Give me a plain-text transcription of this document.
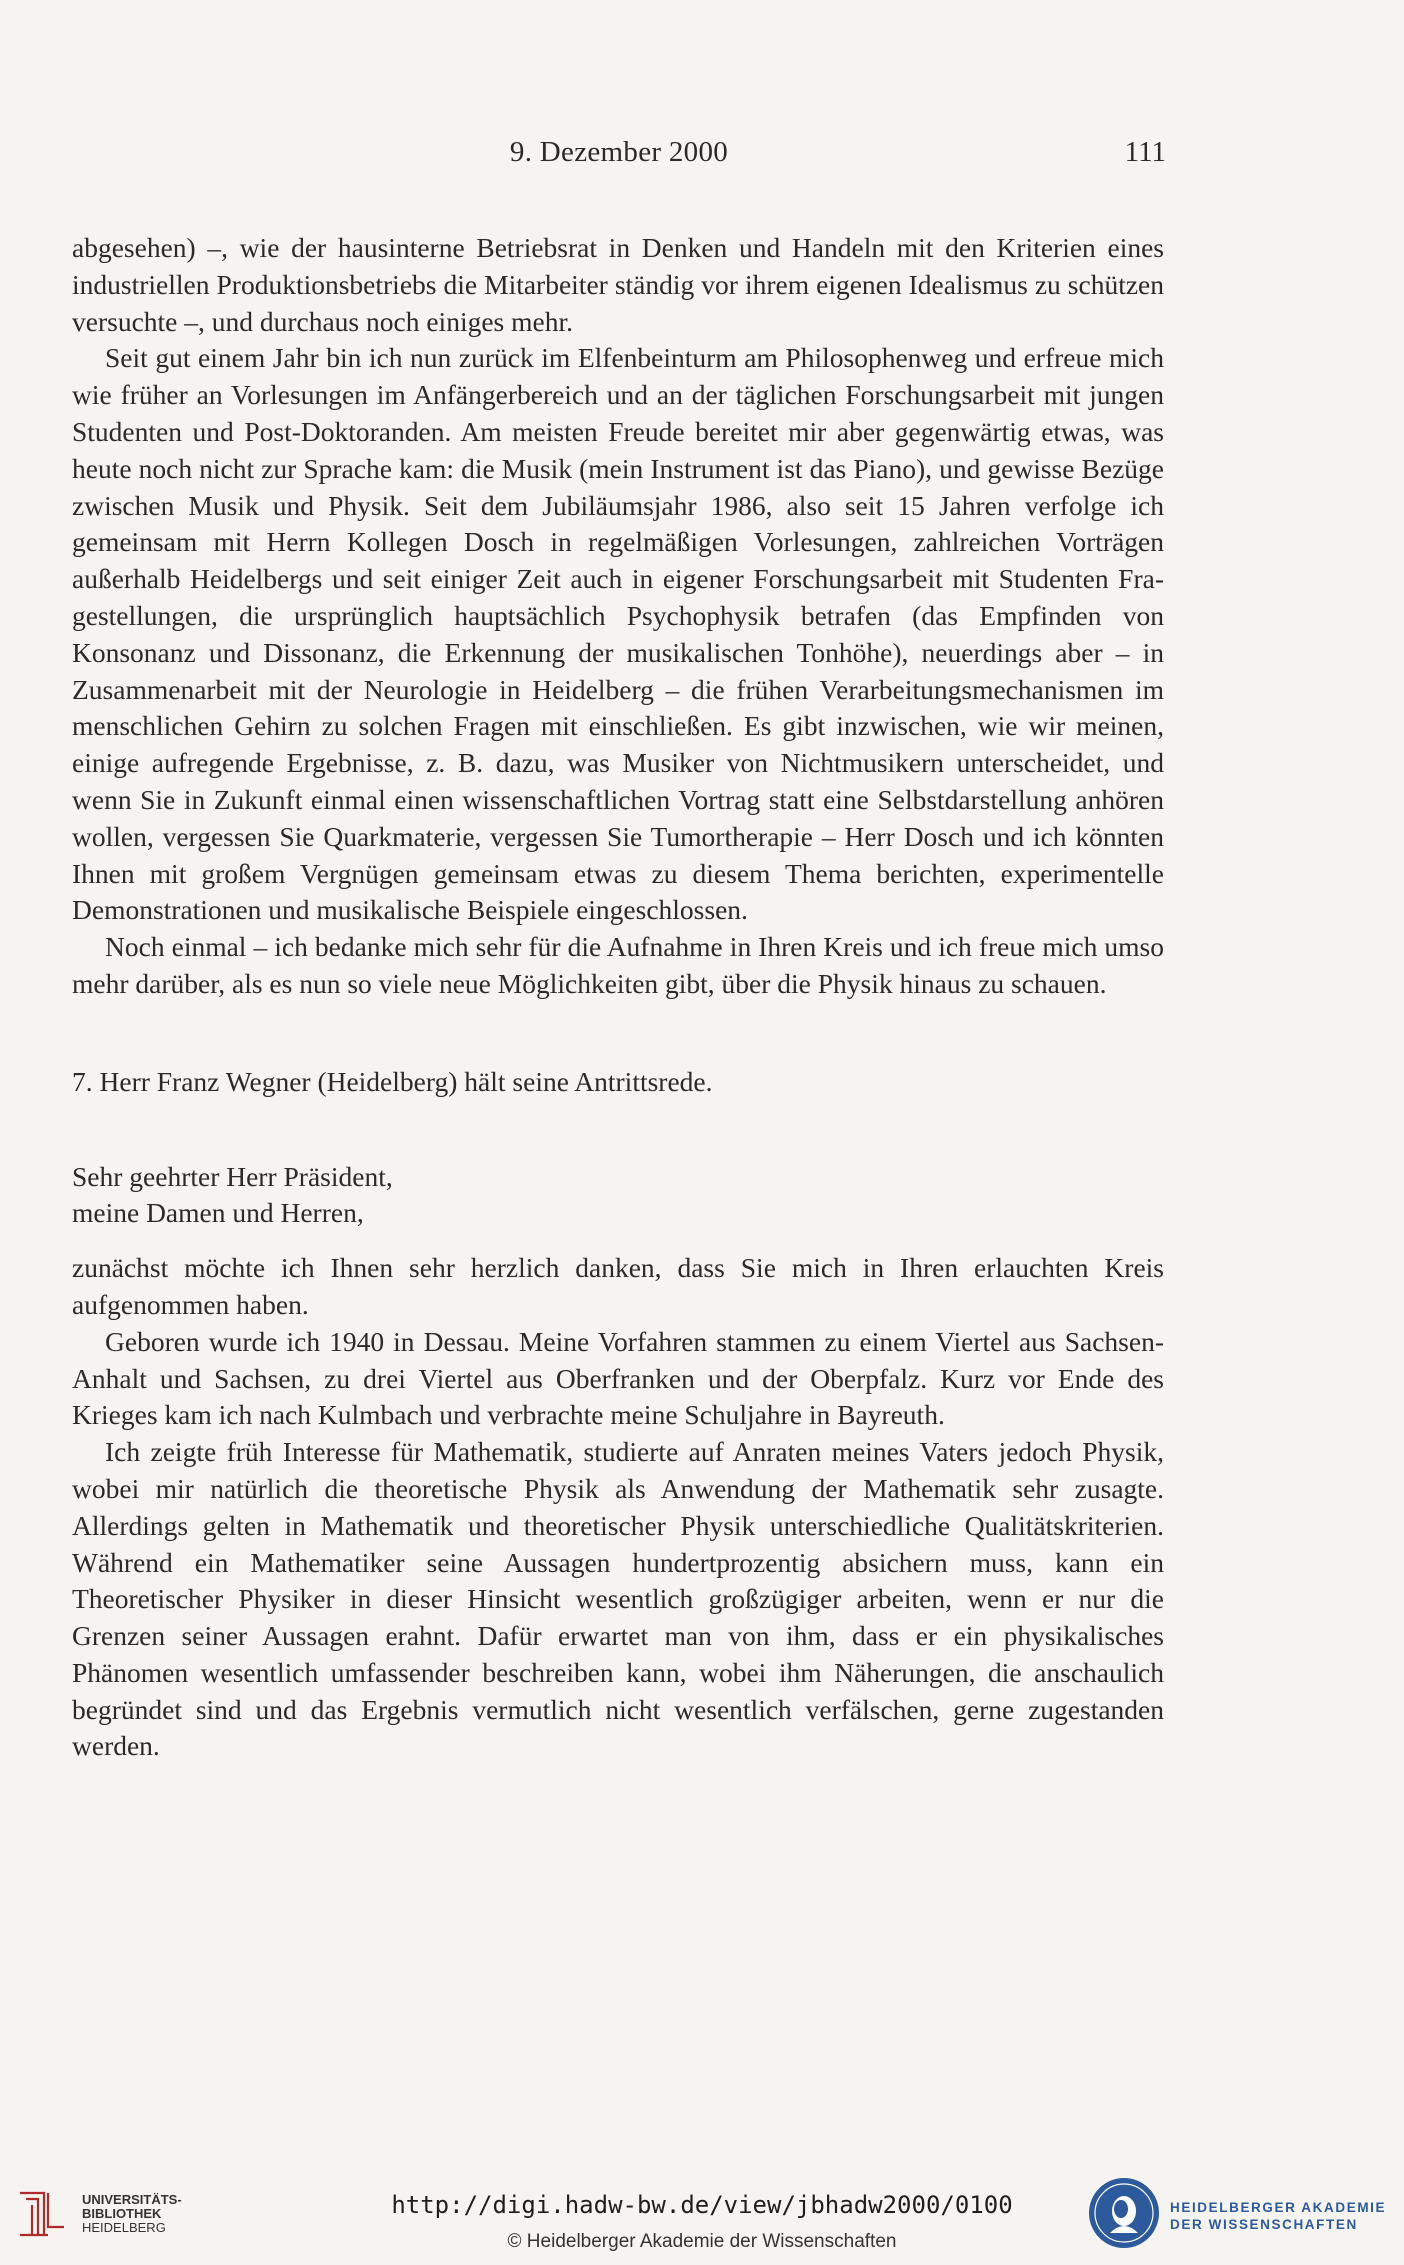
9. Dezember 2000	111

abgesehen) –, wie der hausinterne Betriebsrat in Denken und Handeln mit den Kriterien eines industriellen Produktionsbetriebs die Mitarbeiter ständig vor ihrem eigenen Idealismus zu schützen versuchte –, und durchaus noch einiges mehr.

Seit gut einem Jahr bin ich nun zurück im Elfenbeinturm am Philosophenweg und erfreue mich wie früher an Vorlesungen im Anfängerbereich und an der täglichen Forschungsarbeit mit jungen Studenten und Post-Doktoranden. Am meisten Freude bereitet mir aber gegenwärtig etwas, was heute noch nicht zur Sprache kam: die Musik (mein Instrument ist das Piano), und gewisse Bezüge zwischen Musik und Physik. Seit dem Jubiläumsjahr 1986, also seit 15 Jahren verfolge ich gemeinsam mit Herrn Kollegen Dosch in regelmäßigen Vorlesungen, zahlreichen Vorträgen außerhalb Heidelbergs und seit einiger Zeit auch in eigener Forschungsarbeit mit Studenten Fragestellungen, die ursprünglich hauptsächlich Psychophysik betrafen (das Empfinden von Konsonanz und Dissonanz, die Erkennung der musikalischen Tonhöhe), neuerdings aber – in Zusammenarbeit mit der Neurologie in Heidelberg – die frühen Verarbeitungsmechanismen im menschlichen Gehirn zu solchen Fragen mit einschließen. Es gibt inzwischen, wie wir meinen, einige aufregende Ergebnisse, z. B. dazu, was Musiker von Nichtmusikern unterscheidet, und wenn Sie in Zukunft einmal einen wissenschaftlichen Vortrag statt eine Selbstdarstellung anhören wollen, vergessen Sie Quarkmaterie, vergessen Sie Tumortherapie – Herr Dosch und ich könnten Ihnen mit großem Vergnügen gemeinsam etwas zu diesem Thema berichten, experimentelle Demonstrationen und musikalische Beispiele eingeschlossen.

Noch einmal – ich bedanke mich sehr für die Aufnahme in Ihren Kreis und ich freue mich umso mehr darüber, als es nun so viele neue Möglichkeiten gibt, über die Physik hinaus zu schauen.

7. Herr Franz Wegner (Heidelberg) hält seine Antrittsrede.

Sehr geehrter Herr Präsident,

meine Damen und Herren,

zunächst möchte ich Ihnen sehr herzlich danken, dass Sie mich in Ihren erlauchten Kreis aufgenommen haben.

Geboren wurde ich 1940 in Dessau. Meine Vorfahren stammen zu einem Viertel aus Sachsen-Anhalt und Sachsen, zu drei Viertel aus Oberfranken und der Oberpfalz. Kurz vor Ende des Krieges kam ich nach Kulmbach und verbrachte meine Schuljahre in Bayreuth.

Ich zeigte früh Interesse für Mathematik, studierte auf Anraten meines Vaters jedoch Physik, wobei mir natürlich die theoretische Physik als Anwendung der Mathematik sehr zusagte. Allerdings gelten in Mathematik und theoretischer Physik unterschiedliche Qualitätskriterien. Während ein Mathematiker seine Aussagen hundertprozentig absichern muss, kann ein Theoretischer Physiker in dieser Hinsicht wesentlich großzügiger arbeiten, wenn er nur die Grenzen seiner Aussagen erahnt. Dafür erwartet man von ihm, dass er ein physikalisches Phänomen wesentlich umfassender beschreiben kann, wobei ihm Näherungen, die anschaulich begründet sind und das Ergebnis vermutlich nicht wesentlich verfälschen, gerne zugestanden werden.

UNIVERSITÄTS-
BIBLIOTHEK
HEIDELBERG
http://digi.hadw-bw.de/view/jbhadw2000/0100
© Heidelberger Akademie der Wissenschaften
HEIDELBERGER AKADEMIE
DER WISSENSCHAFTEN
